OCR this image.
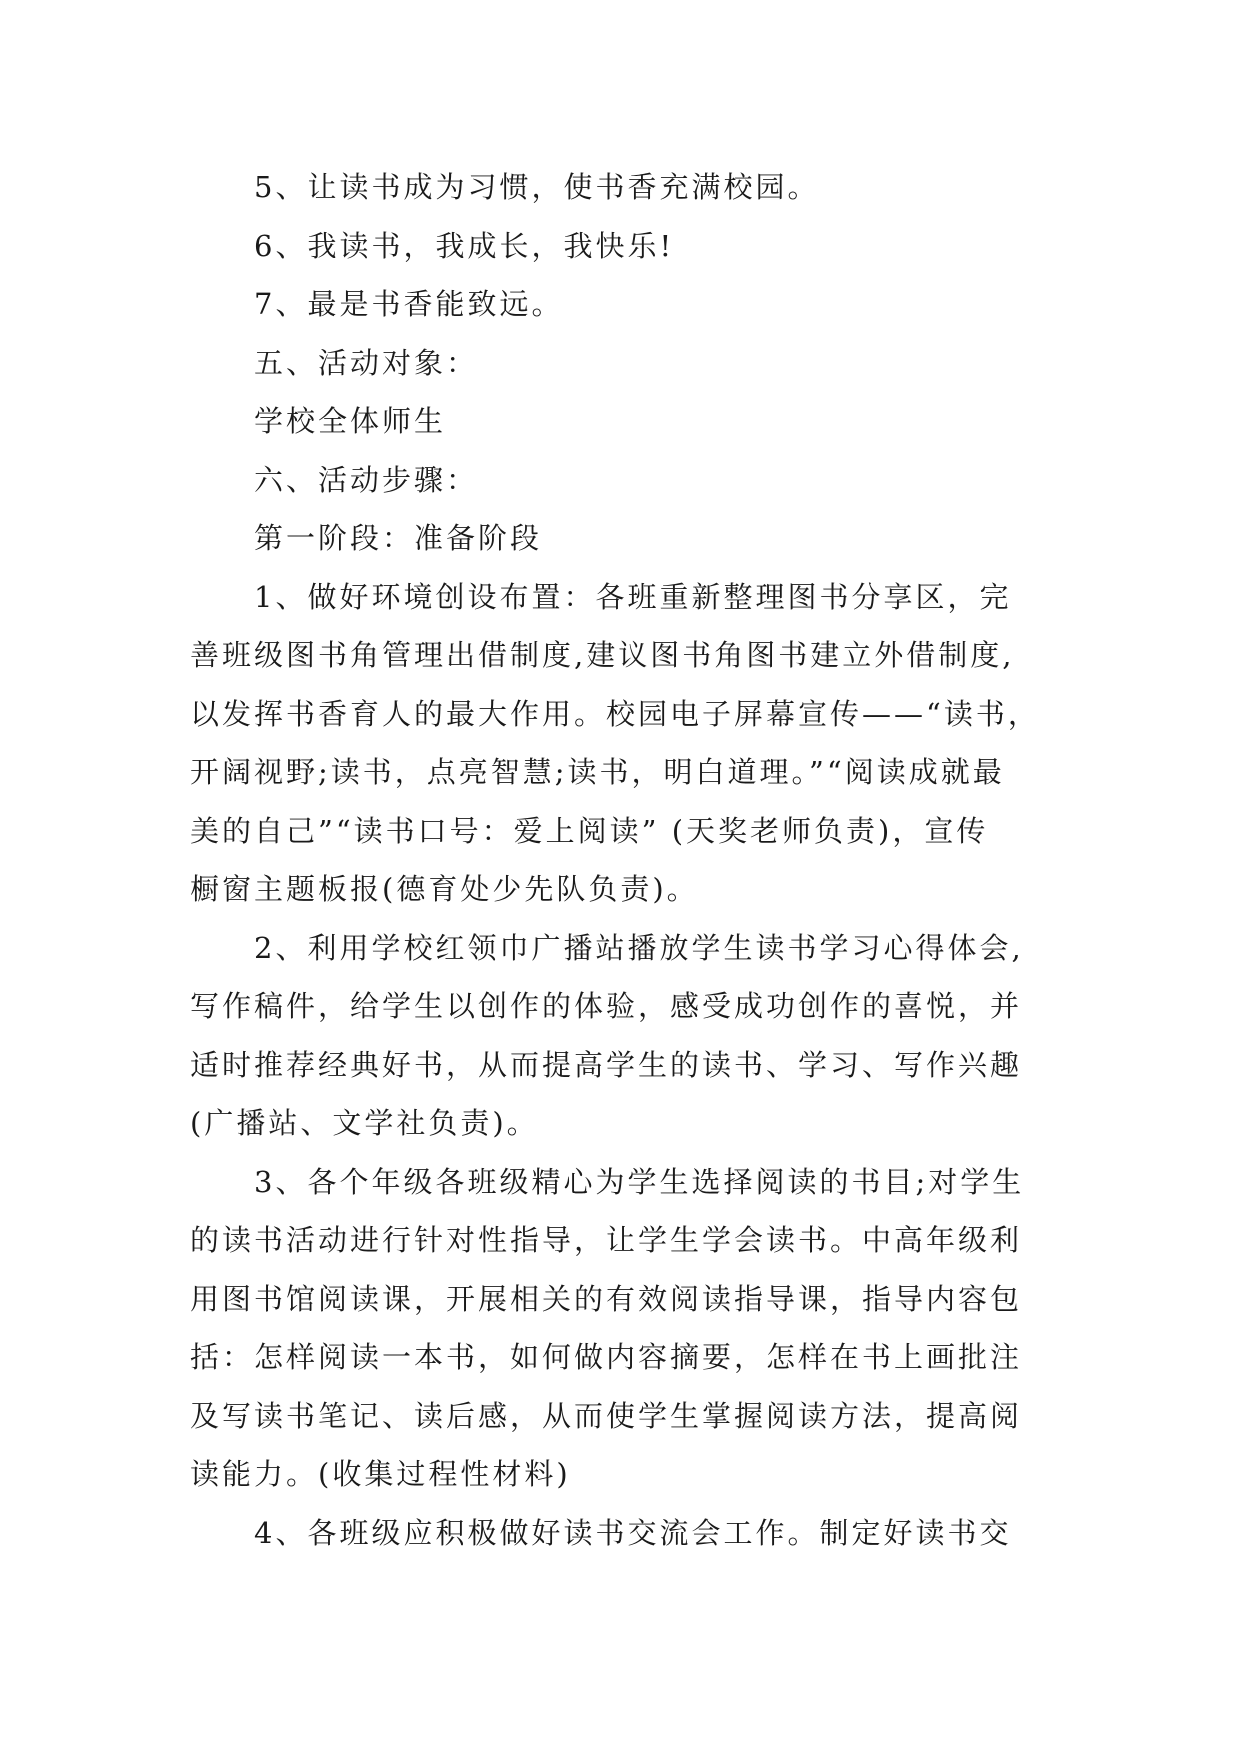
5、让读书成为习惯，使书香充满校园。
6、我读书，我成长，我快乐!
7、最是书香能致远。
五、活动对象：
学校全体师生
六、活动步骤：
第一阶段：准备阶段
1、做好环境创设布置：各班重新整理图书分享区，完
善班级图书角管理出借制度,建议图书角图书建立外借制度,
以发挥书香育人的最大作用。校园电子屏幕宣传——“读书，
开阔视野;读书，点亮智慧;读书，明白道理。”“阅读成就最
美的自己”“读书口号：爱上阅读” (天奖老师负责)，宣传
橱窗主题板报(德育处少先队负责)。
2、利用学校红领巾广播站播放学生读书学习心得体会,
写作稿件，给学生以创作的体验，感受成功创作的喜悦，并
适时推荐经典好书，从而提高学生的读书、学习、写作兴趣
(广播站、文学社负责)。
3、各个年级各班级精心为学生选择阅读的书目;对学生
的读书活动进行针对性指导，让学生学会读书。中高年级利
用图书馆阅读课，开展相关的有效阅读指导课，指导内容包
括：怎样阅读一本书，如何做内容摘要，怎样在书上画批注
及写读书笔记、读后感，从而使学生掌握阅读方法，提高阅
读能力。(收集过程性材料)
4、各班级应积极做好读书交流会工作。制定好读书交
